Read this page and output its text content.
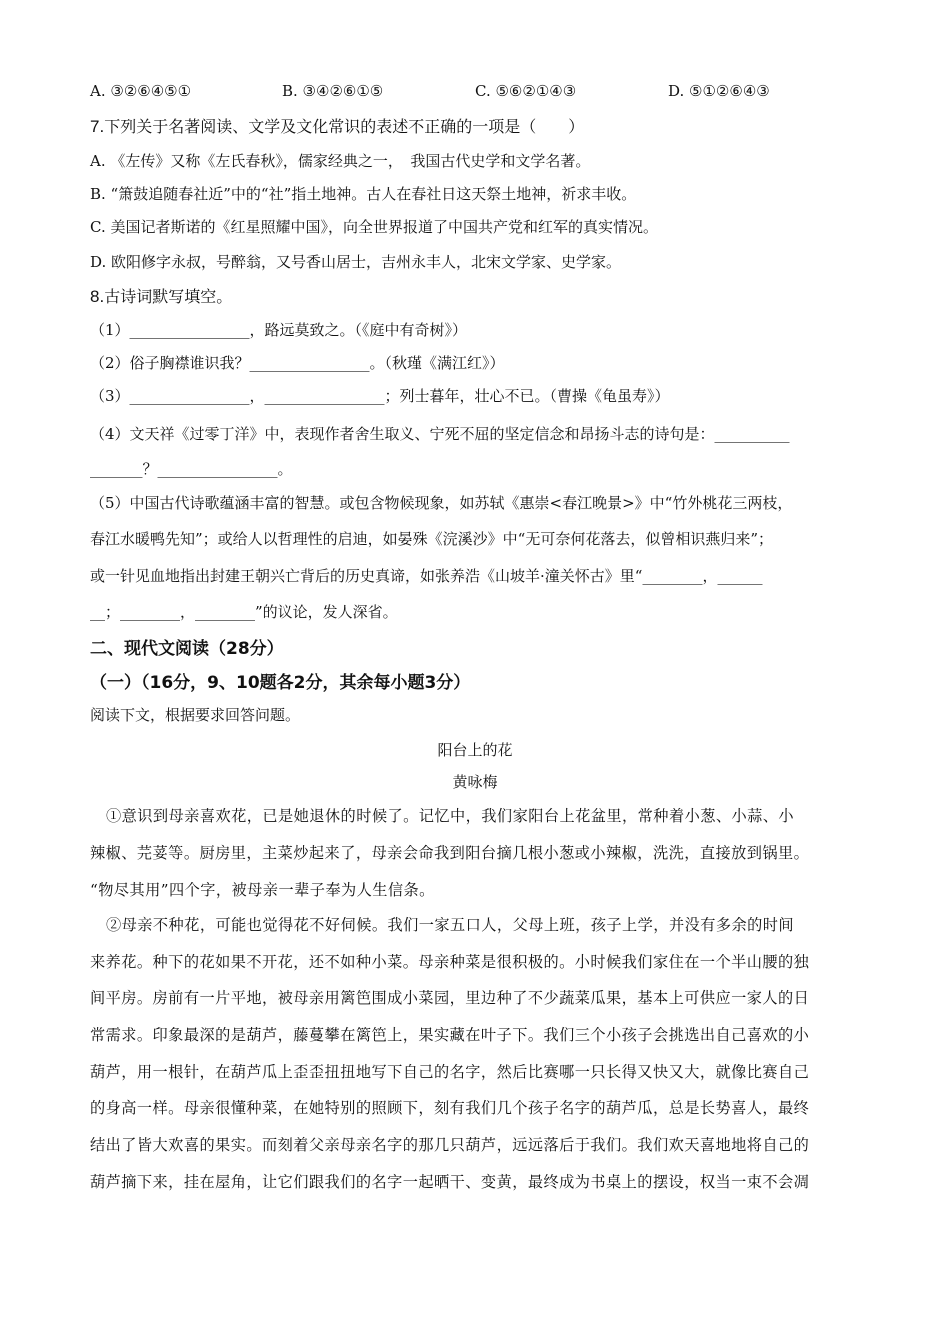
A. ③②⑥④⑤①	B. ③④②⑥①⑤	C. ⑤⑥②①④③	D. ⑤①②⑥④③
7.下列关于名著阅读、文学及文化常识的表述不正确的一项是（　　）
A. 《左传》又称《左氏春秋》，儒家经典之一，　我国古代史学和文学名著。
B. “箫鼓追随春社近”中的“社”指土地神。古人在春社日这天祭土地神，祈求丰收。
C. 美国记者斯诺的《红星照耀中国》，向全世界报道了中国共产党和红军的真实情况。
D. 欧阳修字永叔，号醉翁，又号香山居士，吉州永丰人，北宋文学家、史学家。
8.古诗词默写填空。
（1）________________，路远莫致之。（《庭中有奇树》）
（2）俗子胸襟谁识我？________________。（秋瑾《满江红》）
（3）________________，________________；列士暮年，壮心不已。（曹操《龟虽寿》）
（4）文天祥《过零丁洋》中，表现作者舍生取义、宁死不屈的坚定信念和昂扬斗志的诗句是：__________
_______？________________。
（5）中国古代诗歌蕴涵丰富的智慧。或包含物候现象，如苏轼《惠崇<春江晚景>》中“竹外桃花三两枝，
春江水暖鸭先知”；或给人以哲理性的启迪，如晏殊《浣溪沙》中“无可奈何花落去，似曾相识燕归来”；
或一针见血地指出封建王朝兴亡背后的历史真谛，如张养浩《山坡羊·潼关怀古》里“________，______
__；________，________”的议论，发人深省。
二、现代文阅读（28分）
（一）（16分，9、10题各2分，其余每小题3分）
阅读下文，根据要求回答问题。
阳台上的花
黄咏梅
①意识到母亲喜欢花，已是她退休的时候了。记忆中，我们家阳台上花盆里，常种着小葱、小蒜、小
辣椒、芫荽等。厨房里，主菜炒起来了，母亲会命我到阳台摘几根小葱或小辣椒，洗洗，直接放到锅里。
“物尽其用”四个字，被母亲一辈子奉为人生信条。
②母亲不种花，可能也觉得花不好伺候。我们一家五口人，父母上班，孩子上学，并没有多余的时间
来养花。种下的花如果不开花，还不如种小菜。母亲种菜是很积极的。小时候我们家住在一个半山腰的独
间平房。房前有一片平地，被母亲用篱笆围成小菜园，里边种了不少蔬菜瓜果，基本上可供应一家人的日
常需求。印象最深的是葫芦，藤蔓攀在篱笆上，果实藏在叶子下。我们三个小孩子会挑选出自己喜欢的小
葫芦，用一根针，在葫芦瓜上歪歪扭扭地写下自己的名字，然后比赛哪一只长得又快又大，就像比赛自己
的身高一样。母亲很懂种菜，在她特别的照顾下，刻有我们几个孩子名字的葫芦瓜，总是长势喜人，最终
结出了皆大欢喜的果实。而刻着父亲母亲名字的那几只葫芦，远远落后于我们。我们欢天喜地地将自己的
葫芦摘下来，挂在屋角，让它们跟我们的名字一起晒干、变黄，最终成为书桌上的摆设，权当一束不会凋
